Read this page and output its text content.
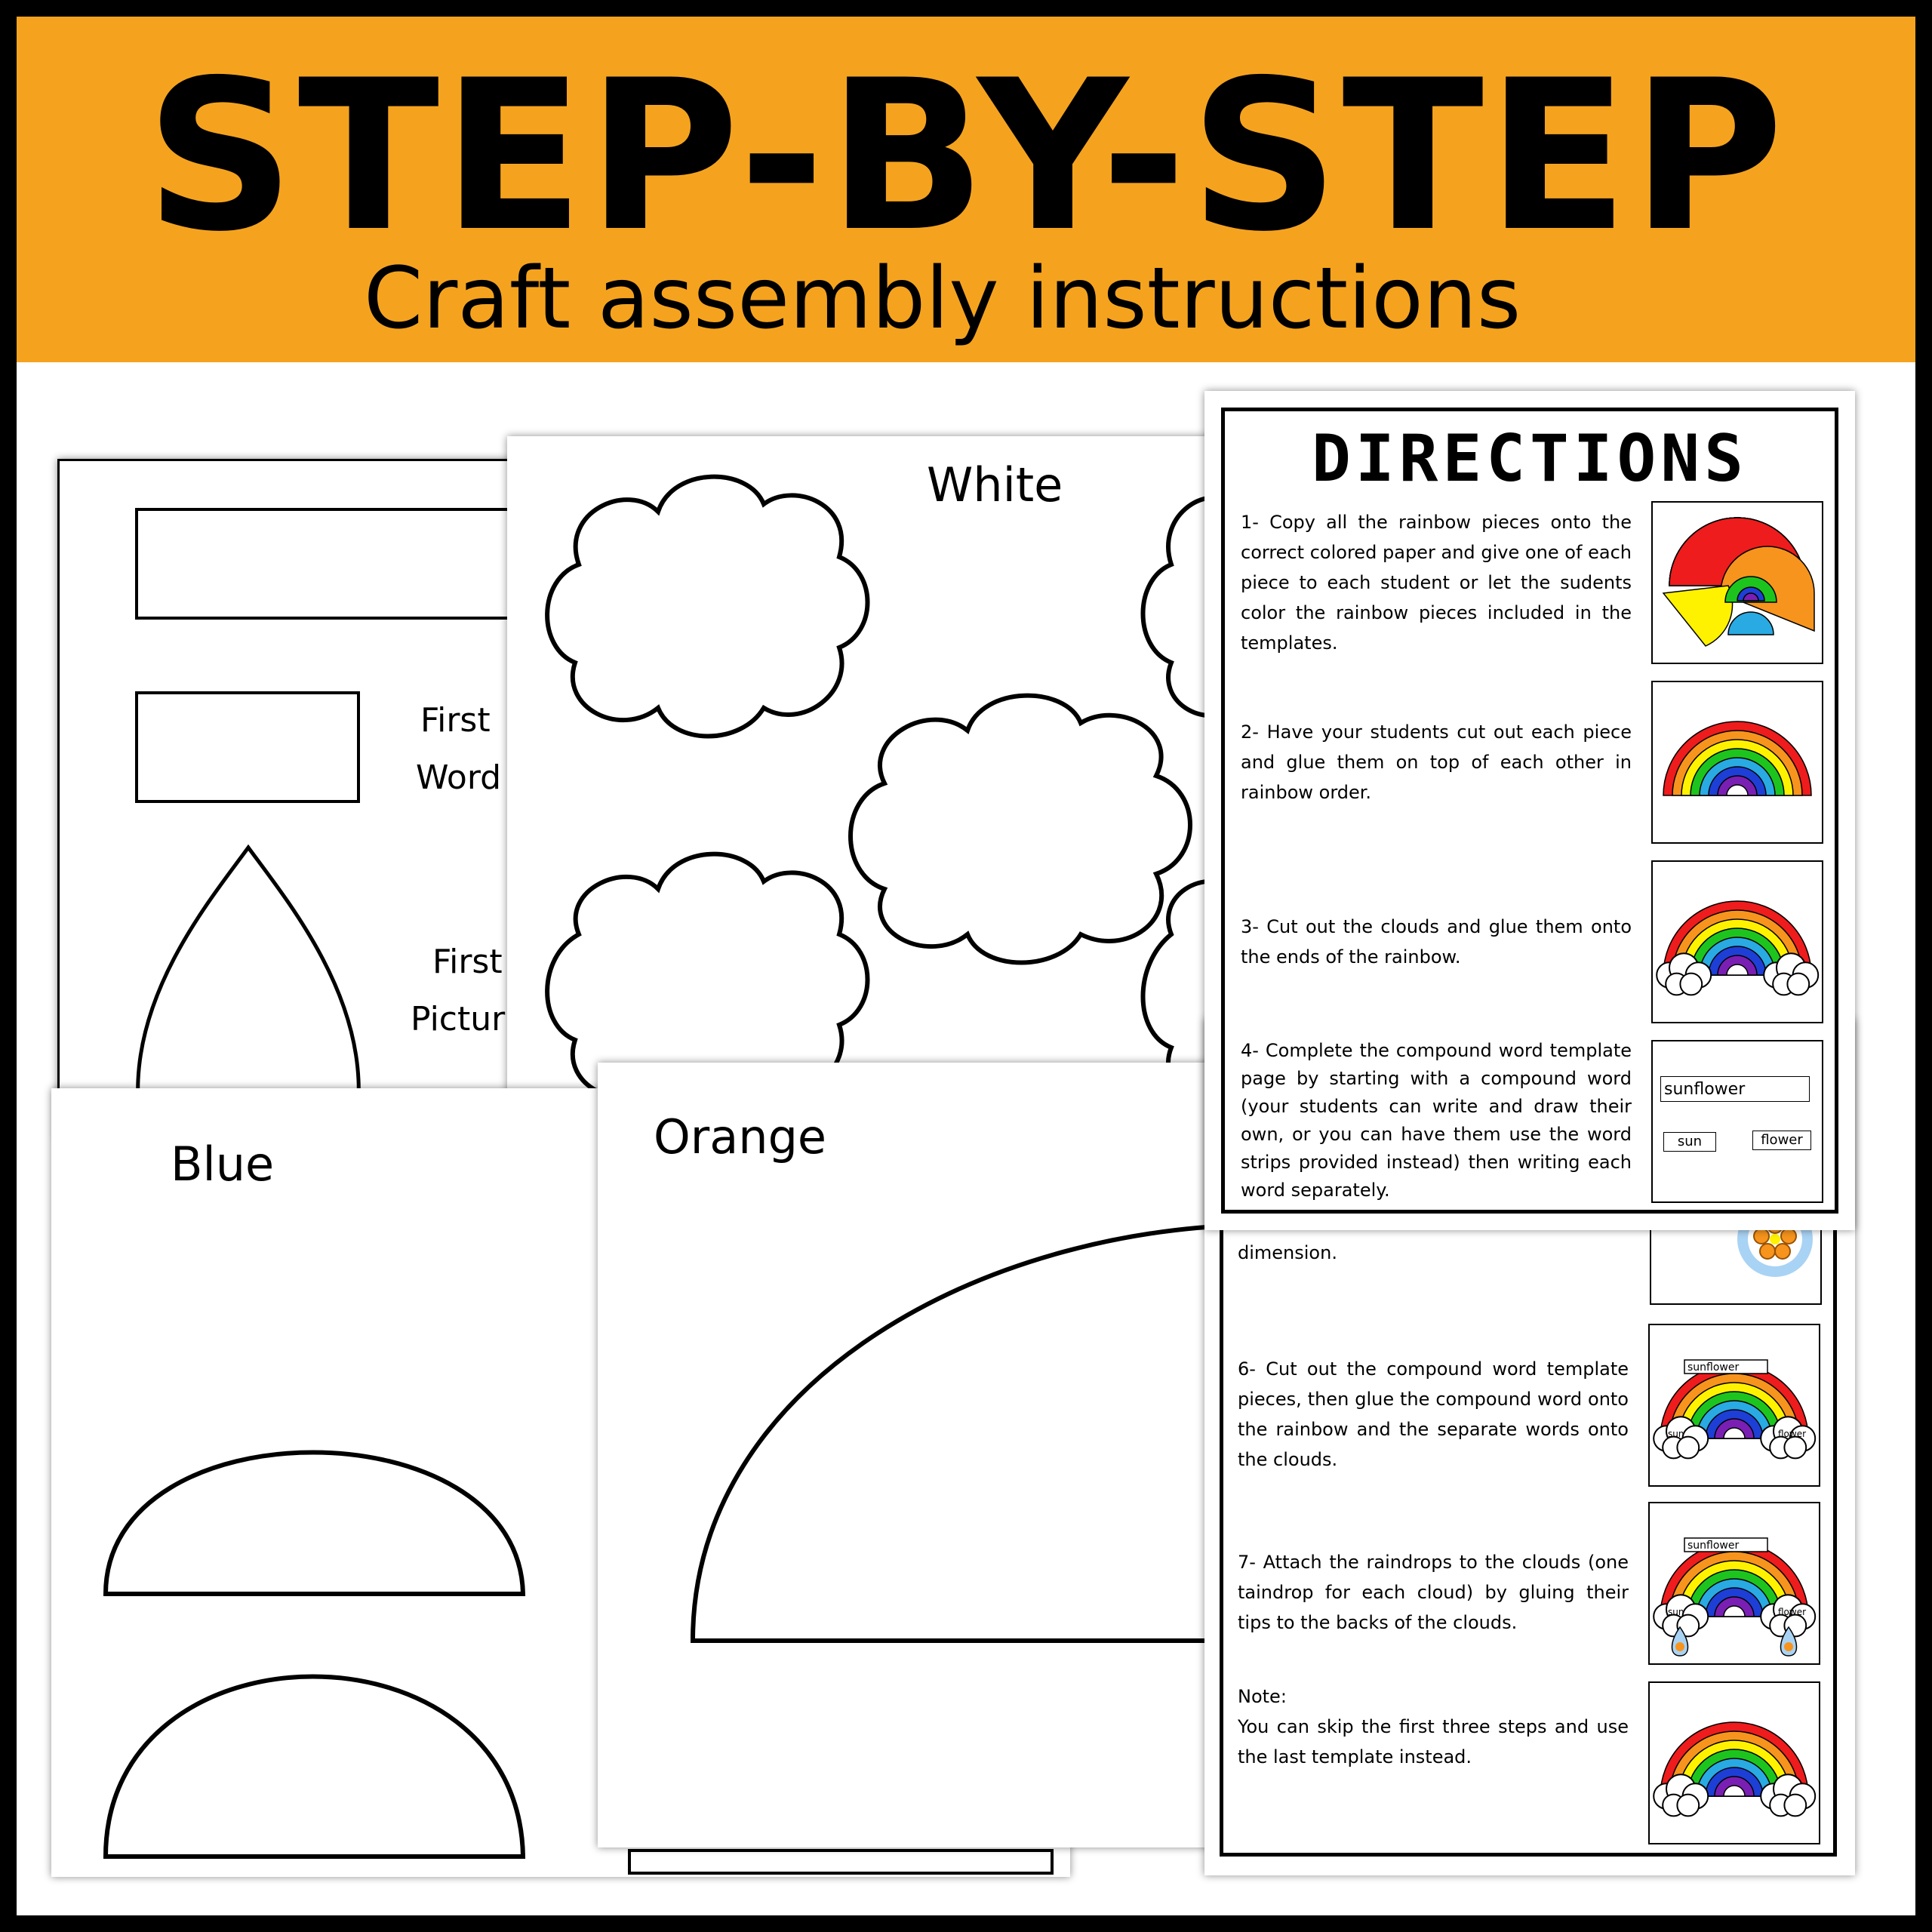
STEP-BY-STEP
Craft assembly instructions
First
Word
First
Pictur
White
Blue	Orange
dimension.
6- Cut out the compound word template pieces, then glue the compound word onto the rainbow and the separate words onto the clouds.
sunflower
sun	flower
7- Attach the raindrops to the clouds (one taindrop for each cloud) by gluing their tips to the backs of the clouds.
sunflower
sun	flower
Note:
You can skip the first three steps and use the last template instead.
DIRECTIONS
1- Copy all the rainbow pieces onto the correct colored paper and give one of each piece to each student or let the sudents color the rainbow pieces included in the templates.
2- Have your students cut out each piece and glue them on top of each other in rainbow order.
3- Cut out the clouds and glue them onto the ends of the rainbow.
4- Complete the compound word template page by starting with a compound word (your students can write and draw their own, or you can have them use the word strips provided instead) then writing each word separately.
sunflower
sun	flower
